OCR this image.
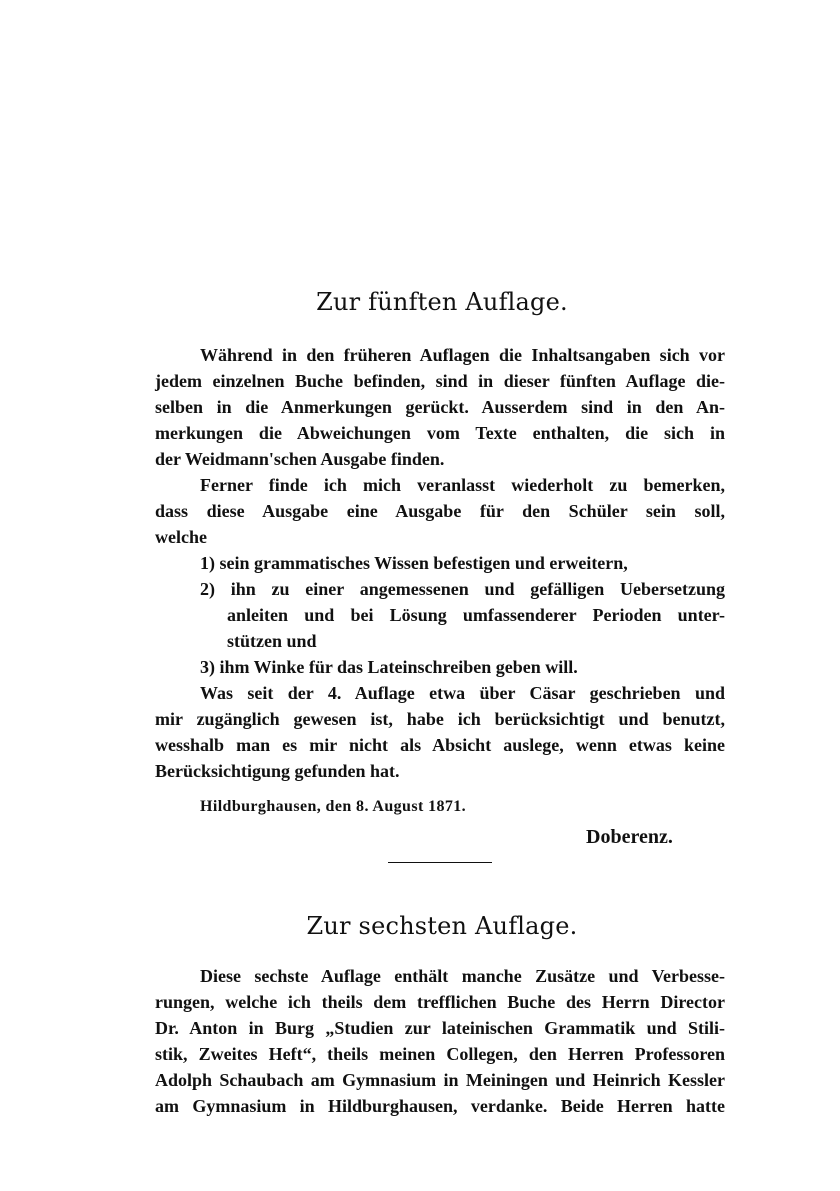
Zur fünften Auflage.
Während in den früheren Auflagen die Inhaltsangaben sich vor
jedem einzelnen Buche befinden, sind in dieser fünften Auflage die-
selben in die Anmerkungen gerückt. Ausserdem sind in den An-
merkungen die Abweichungen vom Texte enthalten, die sich in
der Weidmann'schen Ausgabe finden.
Ferner finde ich mich veranlasst wiederholt zu bemerken,
dass diese Ausgabe eine Ausgabe für den Schüler sein soll,
welche
1) sein grammatisches Wissen befestigen und erweitern,
2) ihn zu einer angemessenen und gefälligen Uebersetzung
anleiten und bei Lösung umfassenderer Perioden unter-
stützen und
3) ihm Winke für das Lateinschreiben geben will.
Was seit der 4. Auflage etwa über Cäsar geschrieben und
mir zugänglich gewesen ist, habe ich berücksichtigt und benutzt,
wesshalb man es mir nicht als Absicht auslege, wenn etwas keine
Berücksichtigung gefunden hat.
Hildburghausen, den 8. August 1871.
Doberenz.
Zur sechsten Auflage.
Diese sechste Auflage enthält manche Zusätze und Verbesse-
rungen, welche ich theils dem trefflichen Buche des Herrn Director
Dr. Anton in Burg „Studien zur lateinischen Grammatik und Stili-
stik, Zweites Heft“, theils meinen Collegen, den Herren Professoren
Adolph Schaubach am Gymnasium in Meiningen und Heinrich Kessler
am Gymnasium in Hildburghausen, verdanke. Beide Herren hatte
